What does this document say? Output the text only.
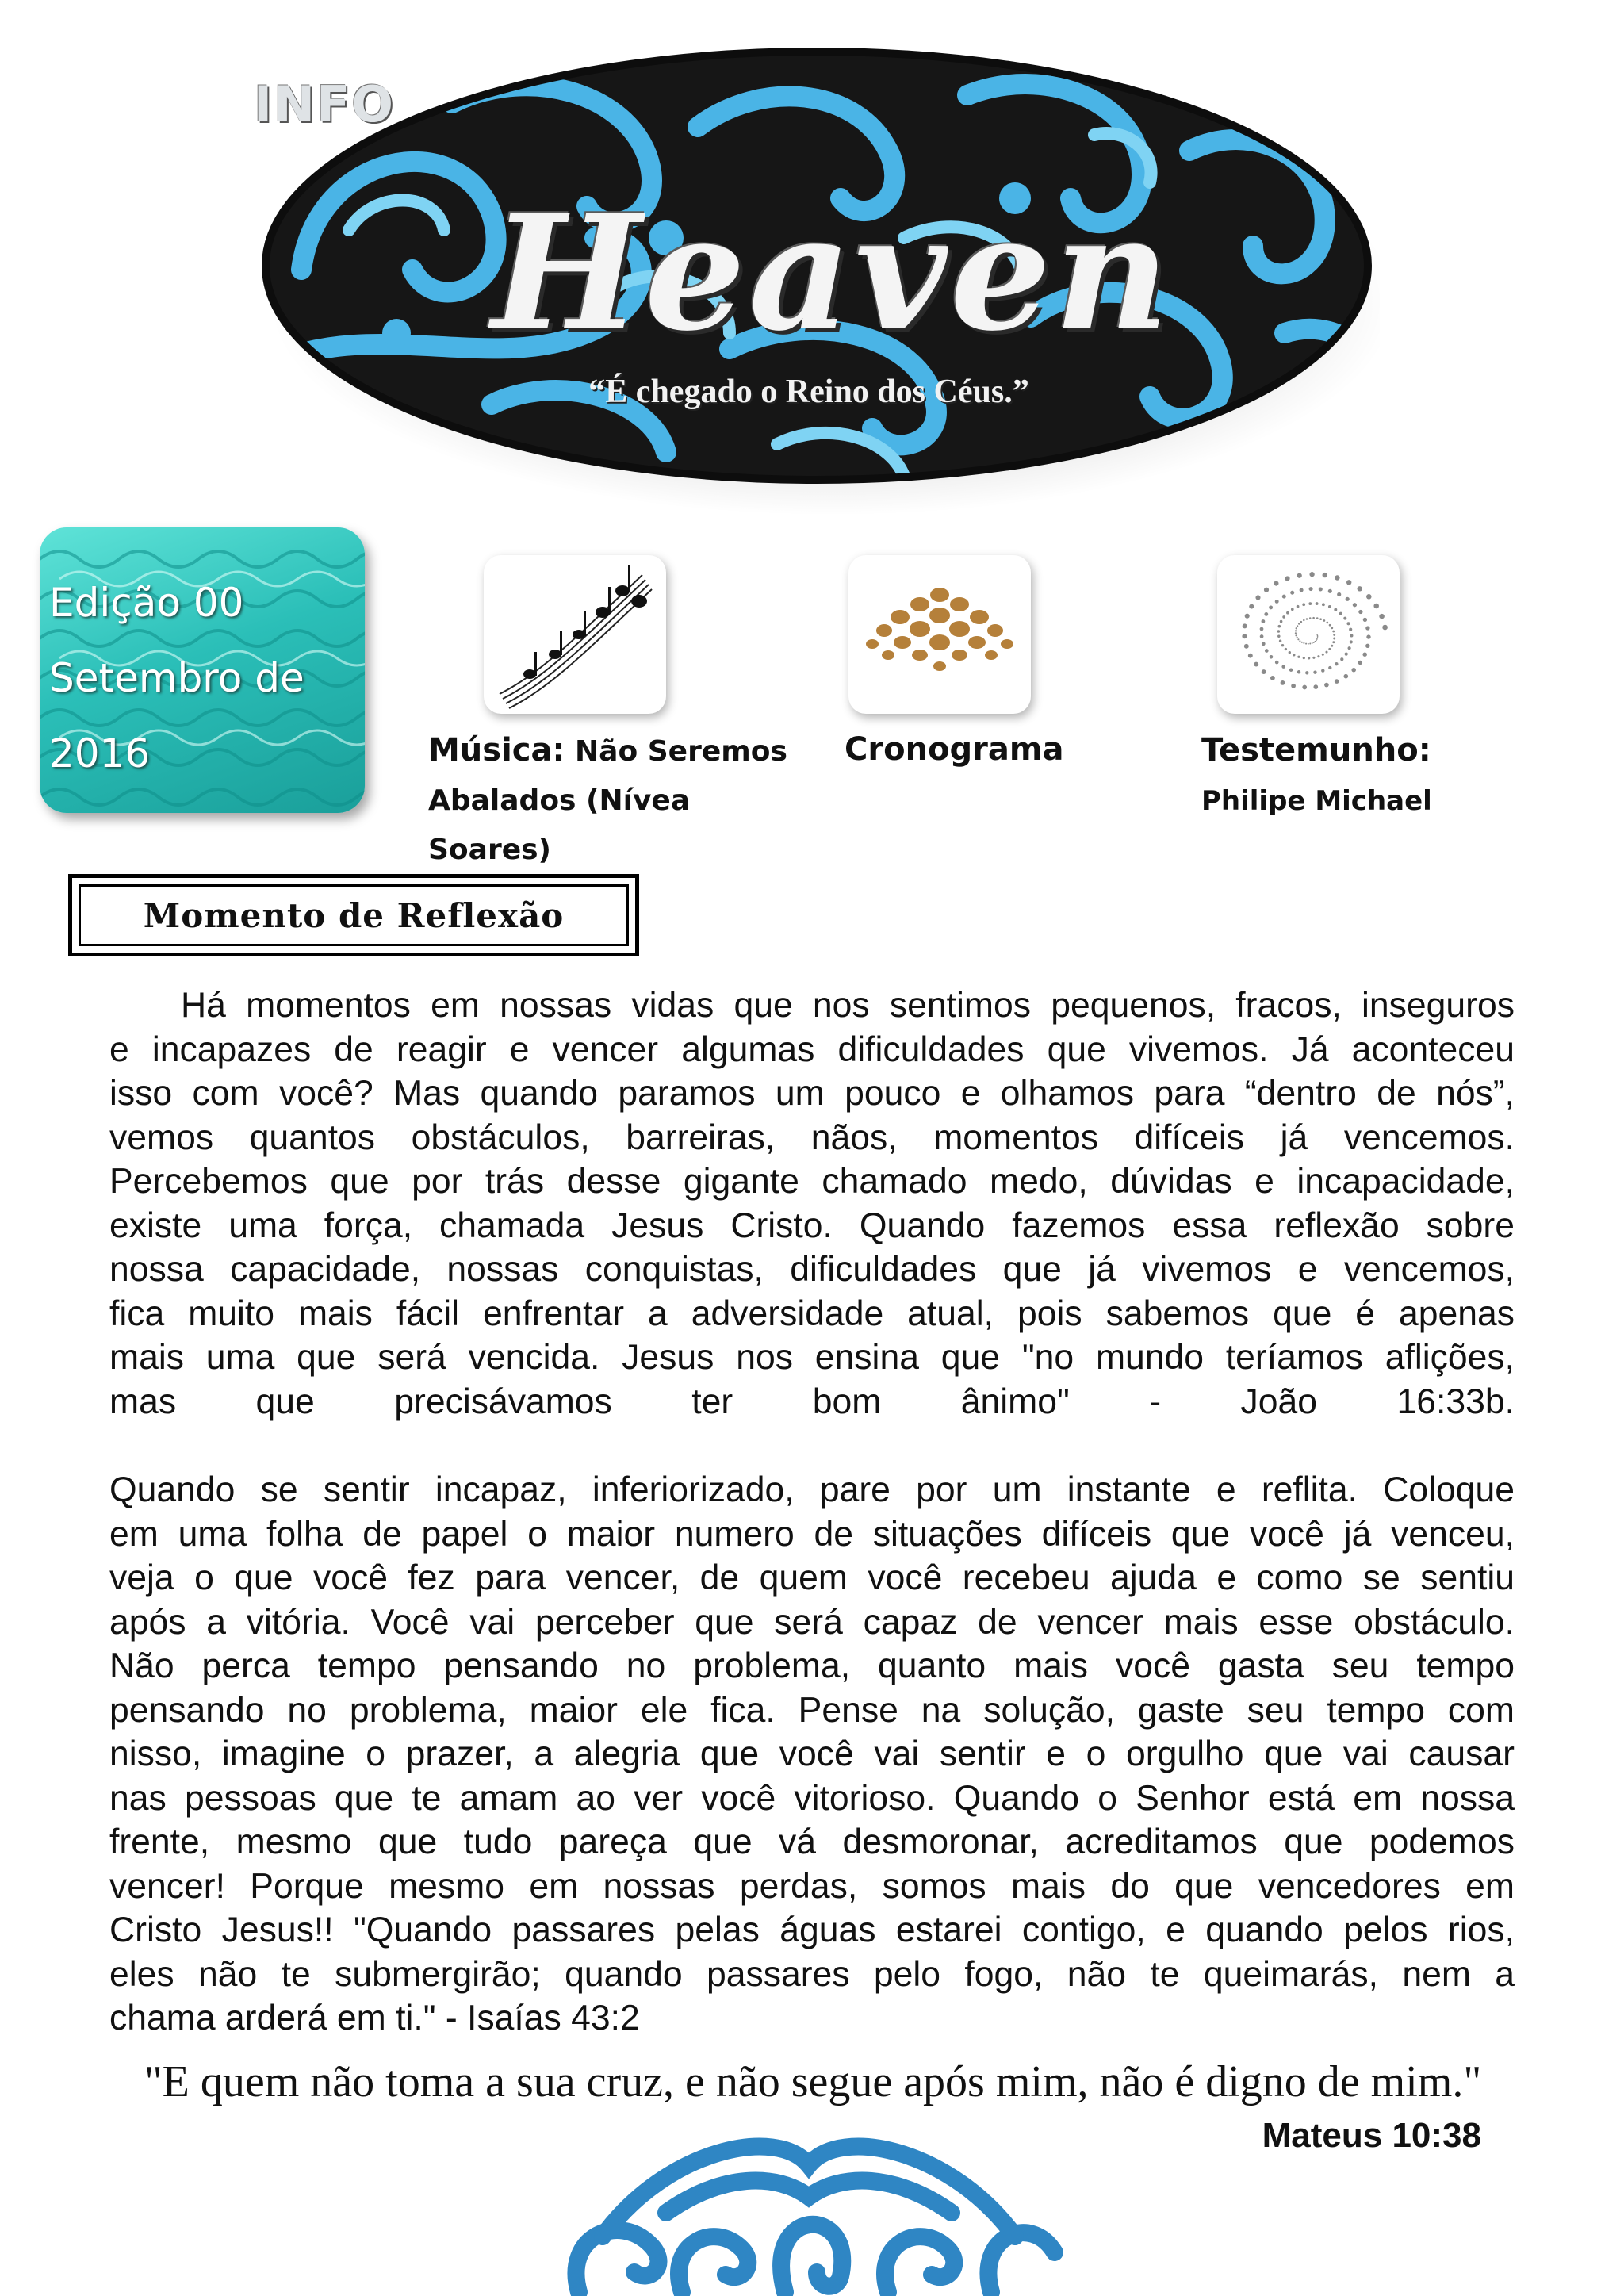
INFO
Heaven
“É chegado o Reino dos Céus.”
Edição 00
Setembro de
2016	Música: Não Seremos
Abalados (Nívea Soares)
Cronograma	Testemunho:
Philipe Michael
Momento de Reflexão

Há momentos em nossas vidas que nos sentimos pequenos, fracos, inseguros

e incapazes de reagir e vencer algumas dificuldades que vivemos. Já aconteceu

isso com você? Mas quando paramos um pouco e olhamos para “dentro de nós”,

vemos quantos obstáculos, barreiras, nãos, momentos difíceis já vencemos.

Percebemos que por trás desse gigante chamado medo, dúvidas e incapacidade,

existe uma força, chamada Jesus Cristo. Quando fazemos essa reflexão sobre

nossa capacidade, nossas conquistas, dificuldades que já vivemos e vencemos,

fica muito mais fácil enfrentar a adversidade atual, pois sabemos que é apenas

mais uma que será vencida. Jesus nos ensina que "no mundo teríamos aflições,

mas que precisávamos ter bom ânimo" - João 16:33b.

Quando se sentir incapaz, inferiorizado, pare por um instante e reflita. Coloque

em uma folha de papel o maior numero de situações difíceis que você já venceu,

veja o que você fez para vencer, de quem você recebeu ajuda e como se sentiu

após a vitória. Você vai perceber que será capaz de vencer mais esse obstáculo.

Não perca tempo pensando no problema, quanto mais você gasta seu tempo

pensando no problema, maior ele fica. Pense na solução, gaste seu tempo com

nisso, imagine o prazer, a alegria que você vai sentir e o orgulho que vai causar

nas pessoas que te amam ao ver você vitorioso. Quando o Senhor está em nossa

frente, mesmo que tudo pareça que vá desmoronar, acreditamos que podemos

vencer! Porque mesmo em nossas perdas, somos mais do que vencedores em

Cristo Jesus!! "Quando passares pelas águas estarei contigo, e quando pelos rios,

eles não te submergirão; quando passares pelo fogo, não te queimarás, nem a

chama arderá em ti." - Isaías 43:2

"E quem não toma a sua cruz, e não segue após mim, não é digno de mim."
Mateus 10:38
